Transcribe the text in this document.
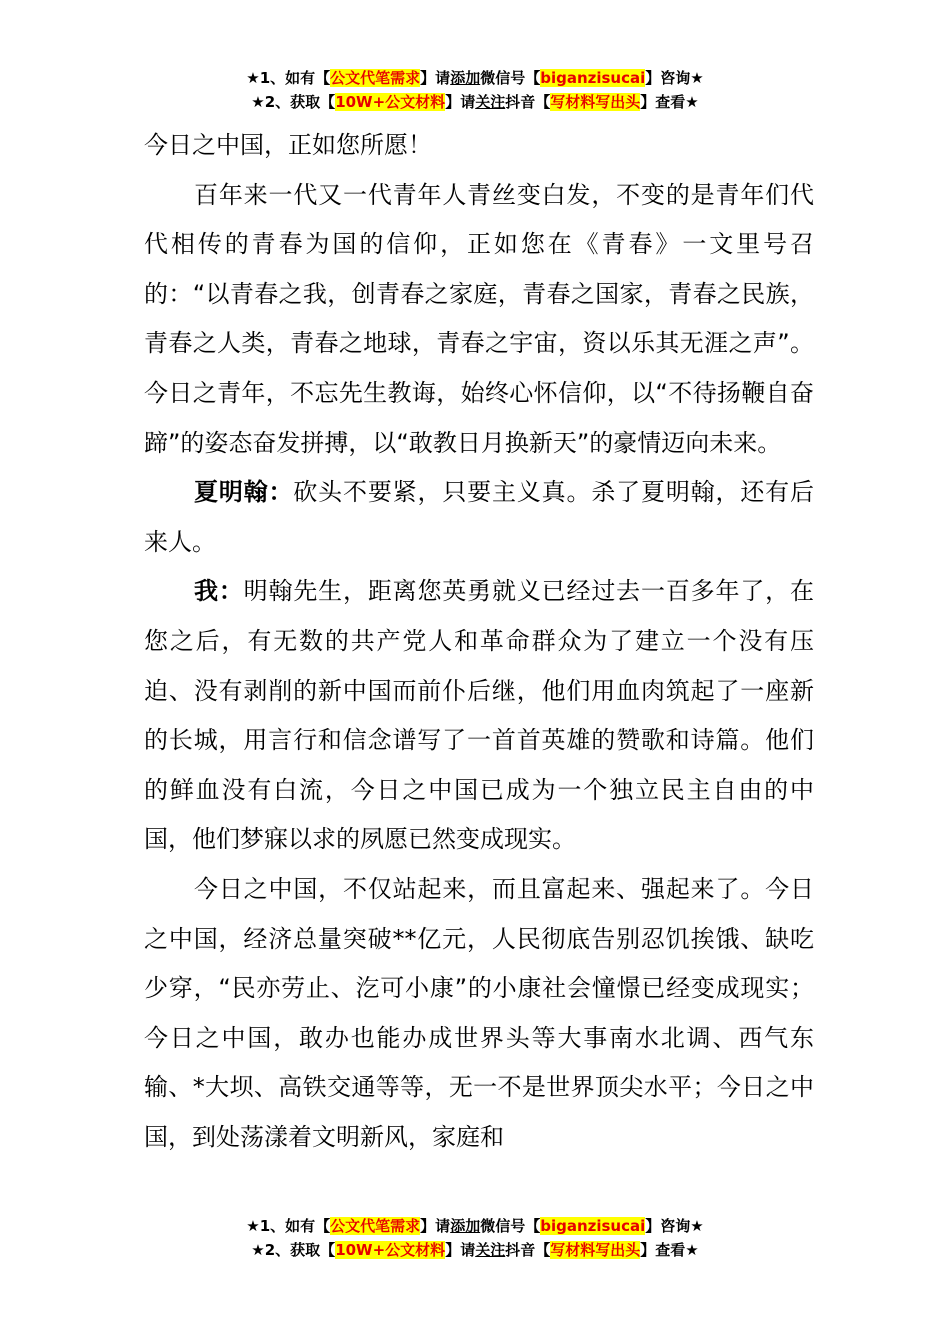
★1、如有【公文代笔需求】请添加微信号【biganzisucai】咨询★
★2、获取【10W+公文材料】请关注抖音【写材料写出头】查看★

今日之中国，正如您所愿！

百年来一代又一代青年人青丝变白发，不变的是青年们代代相传的青春为国的信仰，正如您在《青春》一文里号召的：“以青春之我，创青春之家庭，青春之国家，青春之民族，青春之人类，青春之地球，青春之宇宙，资以乐其无涯之声”。今日之青年，不忘先生教诲，始终心怀信仰，以“不待扬鞭自奋蹄”的姿态奋发拼搏，以“敢教日月换新天”的豪情迈向未来。

夏明翰：砍头不要紧，只要主义真。杀了夏明翰，还有后来人。

我：明翰先生，距离您英勇就义已经过去一百多年了，在您之后，有无数的共产党人和革命群众为了建立一个没有压迫、没有剥削的新中国而前仆后继，他们用血肉筑起了一座新的长城，用言行和信念谱写了一首首英雄的赞歌和诗篇。他们的鲜血没有白流，今日之中国已成为一个独立民主自由的中国，他们梦寐以求的夙愿已然变成现实。

今日之中国，不仅站起来，而且富起来、强起来了。今日之中国，经济总量突破**亿元，人民彻底告别忍饥挨饿、缺吃少穿，“民亦劳止、汔可小康”的小康社会憧憬已经变成现实；今日之中国，敢办也能办成世界头等大事南水北调、西气东输、*大坝、高铁交通等等，无一不是世界顶尖水平；今日之中国，到处荡漾着文明新风，家庭和

★1、如有【公文代笔需求】请添加微信号【biganzisucai】咨询★
★2、获取【10W+公文材料】请关注抖音【写材料写出头】查看★
